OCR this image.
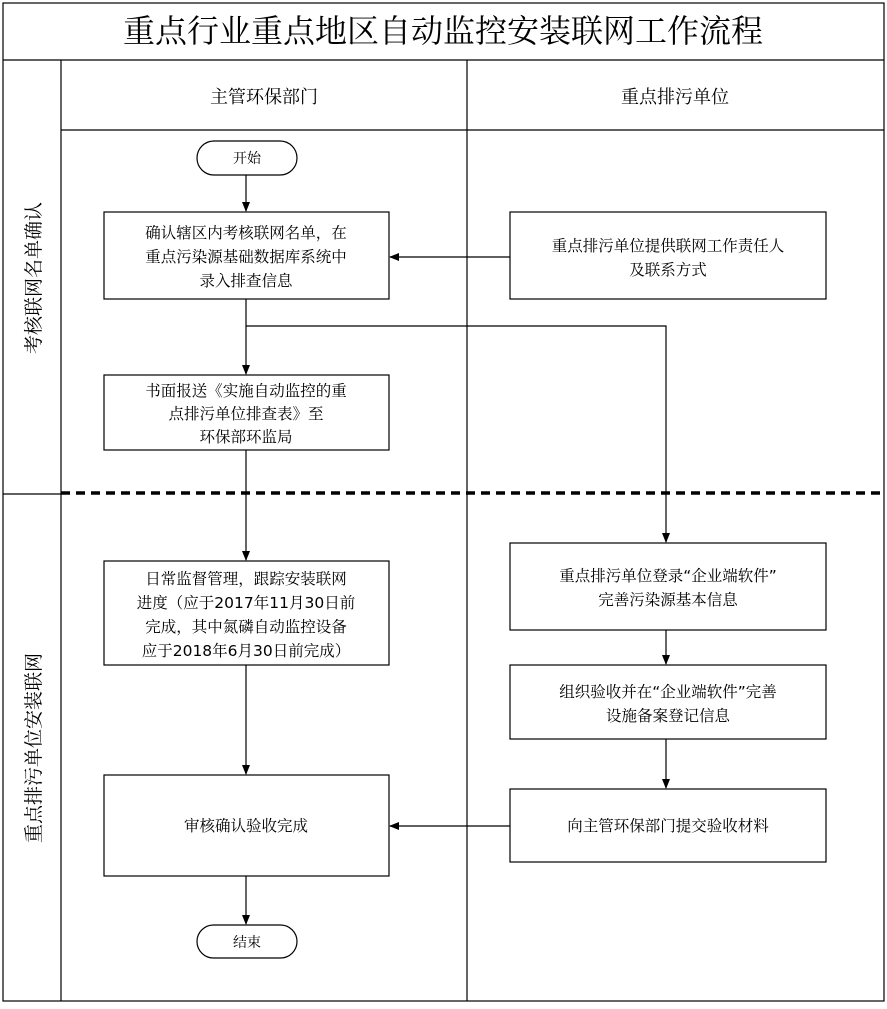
重点行业重点地区自动监控安装联网工作流程
主管环保部门	重点排污单位
考核联网名单确认
重点排污单位安装联网
开始
确认辖区内考核联网名单，在
重点污染源基础数据库系统中
录入排查信息
重点排污单位提供联网工作责任人
及联系方式
书面报送《实施自动监控的重
点排污单位排查表》至
环保部环监局
日常监督管理，跟踪安装联网
进度（应于2017年11月30日前
完成，其中氮磷自动监控设备
应于2018年6月30日前完成）
重点排污单位登录“企业端软件”
完善污染源基本信息
组织验收并在“企业端软件”完善
设施备案登记信息
向主管环保部门提交验收材料
审核确认验收完成
结束
